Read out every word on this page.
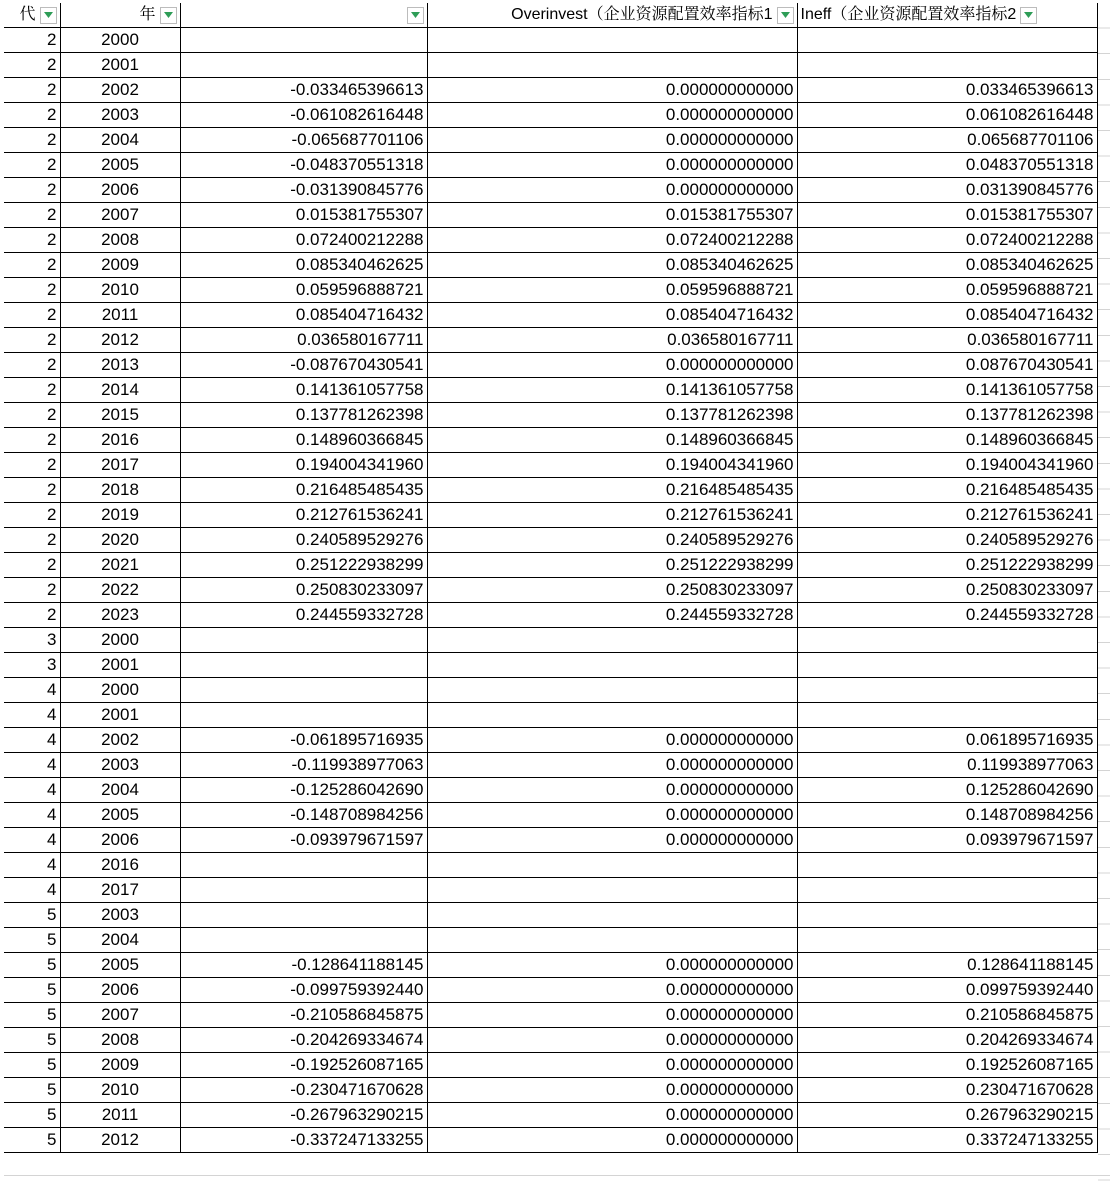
代	年		Overinvest（企业资源配置效率指标1	Ineff（企业资源配置效率指标2

2	2000			
2	2001			
2	2002	-0.033465396613	0.000000000000	0.033465396613
2	2003	-0.061082616448	0.000000000000	0.061082616448
2	2004	-0.065687701106	0.000000000000	0.065687701106
2	2005	-0.048370551318	0.000000000000	0.048370551318
2	2006	-0.031390845776	0.000000000000	0.031390845776
2	2007	0.015381755307	0.015381755307	0.015381755307
2	2008	0.072400212288	0.072400212288	0.072400212288
2	2009	0.085340462625	0.085340462625	0.085340462625
2	2010	0.059596888721	0.059596888721	0.059596888721
2	2011	0.085404716432	0.085404716432	0.085404716432
2	2012	0.036580167711	0.036580167711	0.036580167711
2	2013	-0.087670430541	0.000000000000	0.087670430541
2	2014	0.141361057758	0.141361057758	0.141361057758
2	2015	0.137781262398	0.137781262398	0.137781262398
2	2016	0.148960366845	0.148960366845	0.148960366845
2	2017	0.194004341960	0.194004341960	0.194004341960
2	2018	0.216485485435	0.216485485435	0.216485485435
2	2019	0.212761536241	0.212761536241	0.212761536241
2	2020	0.240589529276	0.240589529276	0.240589529276
2	2021	0.251222938299	0.251222938299	0.251222938299
2	2022	0.250830233097	0.250830233097	0.250830233097
2	2023	0.244559332728	0.244559332728	0.244559332728
3	2000			
3	2001			
4	2000			
4	2001			
4	2002	-0.061895716935	0.000000000000	0.061895716935
4	2003	-0.119938977063	0.000000000000	0.119938977063
4	2004	-0.125286042690	0.000000000000	0.125286042690
4	2005	-0.148708984256	0.000000000000	0.148708984256
4	2006	-0.093979671597	0.000000000000	0.093979671597
4	2016			
4	2017			
5	2003			
5	2004			
5	2005	-0.128641188145	0.000000000000	0.128641188145
5	2006	-0.099759392440	0.000000000000	0.099759392440
5	2007	-0.210586845875	0.000000000000	0.210586845875
5	2008	-0.204269334674	0.000000000000	0.204269334674
5	2009	-0.192526087165	0.000000000000	0.192526087165
5	2010	-0.230471670628	0.000000000000	0.230471670628
5	2011	-0.267963290215	0.000000000000	0.267963290215
5	2012	-0.337247133255	0.000000000000	0.337247133255
